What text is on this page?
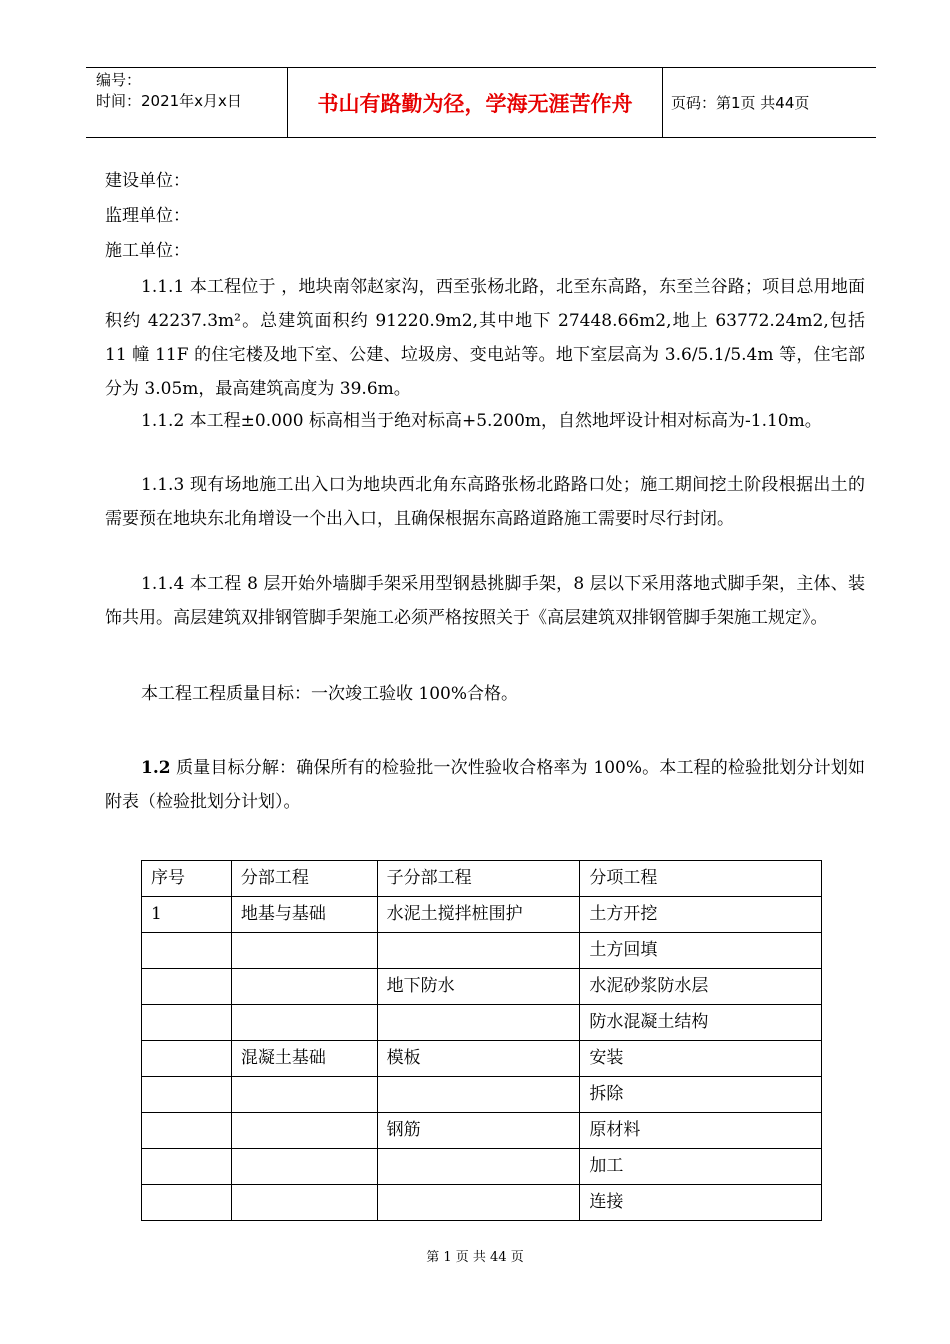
编号：
时间：2021年x月x日	书山有路勤为径，学海无涯苦作舟	页码：第1页 共44页
建设单位：
监理单位：
施工单位：
1.1.1 本工程位于 ，地块南邻赵家沟，西至张杨北路，北至东高路，东至兰谷路；项目总用地面积约 42237.3m²。总建筑面积约 91220.9m2,其中地下 27448.66m2,地上 63772.24m2,包括 11 幢 11F 的住宅楼及地下室、公建、垃圾房、变电站等。地下室层高为 3.6/5.1/5.4m 等，住宅部分为 3.05m，最高建筑高度为 39.6m。
1.1.2 本工程±0.000 标高相当于绝对标高+5.200m，自然地坪设计相对标高为-1.10m。
1.1.3 现有场地施工出入口为地块西北角东高路张杨北路路口处；施工期间挖土阶段根据出土的需要预在地块东北角增设一个出入口，且确保根据东高路道路施工需要时尽行封闭。
1.1.4 本工程 8 层开始外墙脚手架采用型钢悬挑脚手架，8 层以下采用落地式脚手架，主体、装饰共用。高层建筑双排钢管脚手架施工必须严格按照关于《高层建筑双排钢管脚手架施工规定》。
本工程工程质量目标：一次竣工验收 100%合格。
1.2 质量目标分解：确保所有的检验批一次性验收合格率为 100%。本工程的检验批划分计划如附表（检验批划分计划）。
序号	分部工程	子分部工程	分项工程
1	地基与基础	水泥土搅拌桩围护	土方开挖
			土方回填
		地下防水	水泥砂浆防水层
			防水混凝土结构
	混凝土基础	模板	安装
			拆除
		钢筋	原材料
			加工
			连接
第 1 页 共 44 页
